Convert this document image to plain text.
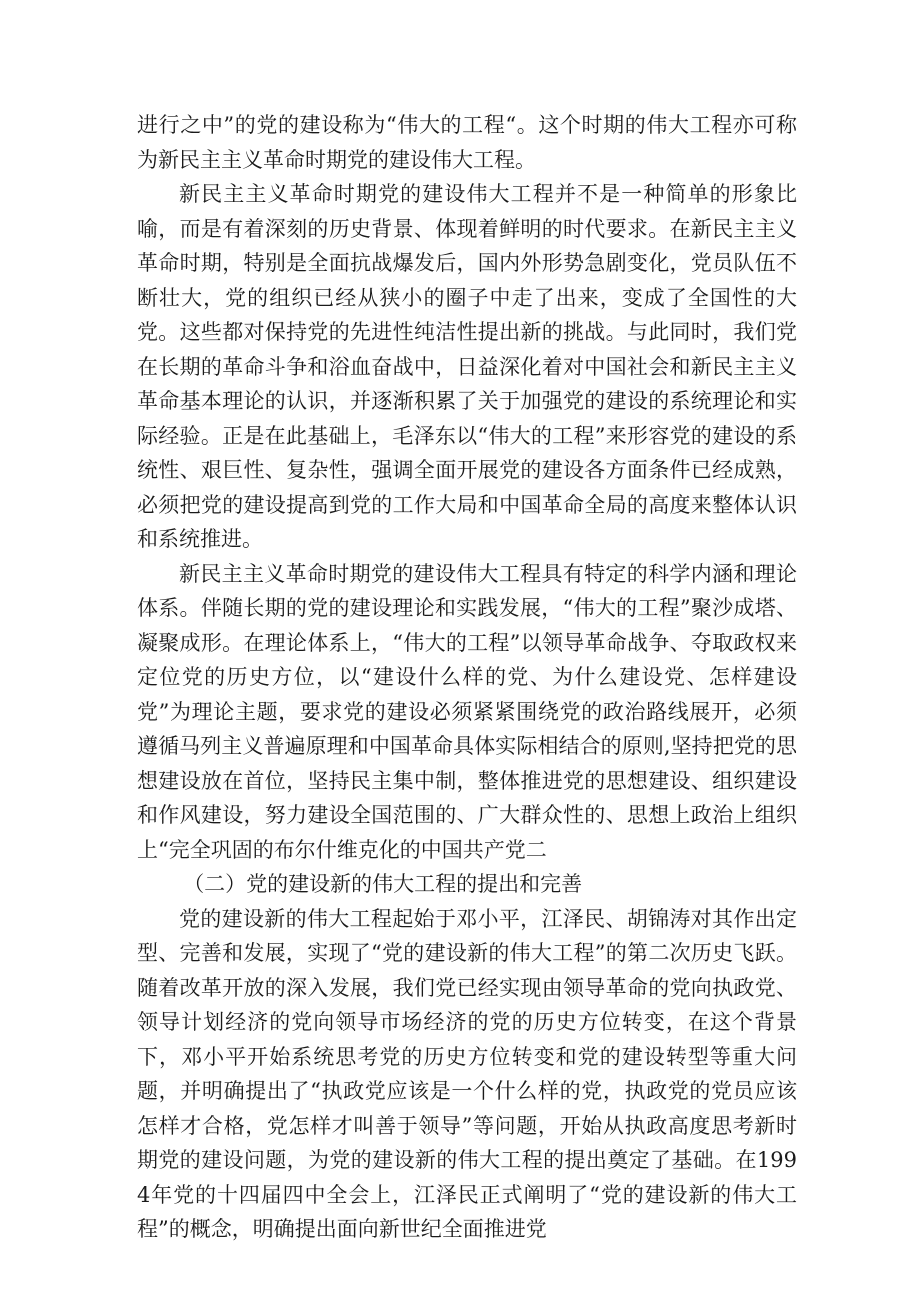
进行之中”的党的建设称为“伟大的工程“。这个时期的伟大工程亦可称为新民主主义革命时期党的建设伟大工程。

新民主主义革命时期党的建设伟大工程并不是一种简单的形象比喻，而是有着深刻的历史背景、体现着鲜明的时代要求。在新民主主义革命时期，特别是全面抗战爆发后，国内外形势急剧变化，党员队伍不断壮大，党的组织已经从狭小的圈子中走了出来，变成了全国性的大党。这些都对保持党的先进性纯洁性提出新的挑战。与此同时，我们党在长期的革命斗争和浴血奋战中，日益深化着对中国社会和新民主主义革命基本理论的认识，并逐渐积累了关于加强党的建设的系统理论和实际经验。正是在此基础上，毛泽东以“伟大的工程”来形容党的建设的系统性、艰巨性、复杂性，强调全面开展党的建设各方面条件已经成熟，必须把党的建设提高到党的工作大局和中国革命全局的高度来整体认识和系统推进。

新民主主义革命时期党的建设伟大工程具有特定的科学内涵和理论体系。伴随长期的党的建设理论和实践发展，“伟大的工程”聚沙成塔、凝聚成形。在理论体系上，“伟大的工程”以领导革命战争、夺取政权来定位党的历史方位，以“建设什么样的党、为什么建设党、怎样建设党”为理论主题，要求党的建设必须紧紧围绕党的政治路线展开，必须遵循马列主义普遍原理和中国革命具体实际相结合的原则,坚持把党的思想建设放在首位，坚持民主集中制，整体推进党的思想建设、组织建设和作风建设，努力建设全国范围的、广大群众性的、思想上政治上组织上“完全巩固的布尔什维克化的中国共产党二

（二）党的建设新的伟大工程的提出和完善

党的建设新的伟大工程起始于邓小平，江泽民、胡锦涛对其作出定型、完善和发展，实现了“党的建设新的伟大工程”的第二次历史飞跃。随着改革开放的深入发展，我们党已经实现由领导革命的党向执政党、领导计划经济的党向领导市场经济的党的历史方位转变，在这个背景下，邓小平开始系统思考党的历史方位转变和党的建设转型等重大问题，并明确提出了“执政党应该是一个什么样的党，执政党的党员应该怎样才合格，党怎样才叫善于领导”等问题，开始从执政高度思考新时期党的建设问题，为党的建设新的伟大工程的提出奠定了基础。在1994年党的十四届四中全会上，江泽民正式阐明了“党的建设新的伟大工程”的概念，明确提出面向新世纪全面推进党
